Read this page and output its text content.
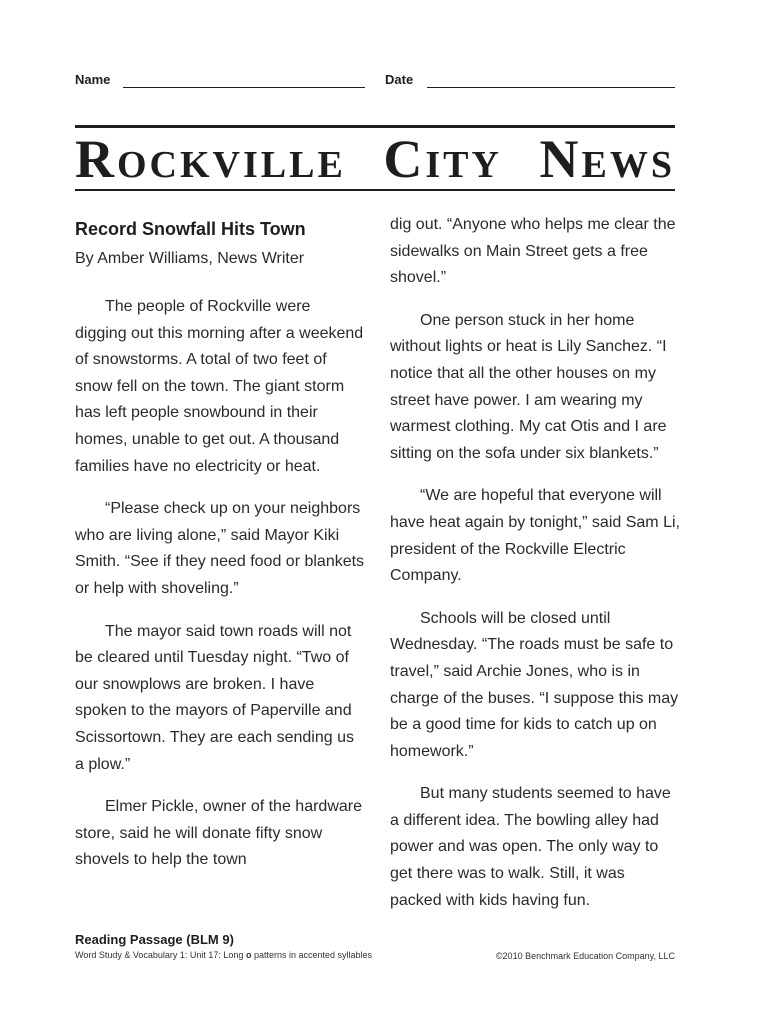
Name	Date
Rockville City News

Record Snowfall Hits Town

By Amber Williams, News Writer

The people of Rockville were digging out this morning after a weekend of snowstorms. A total of two feet of snow fell on the town. The giant storm has left people snowbound in their homes, unable to get out. A thousand families have no electricity or heat.

“Please check up on your neighbors who are living alone,” said Mayor Kiki Smith. “See if they need food or blankets or help with shoveling.”

The mayor said town roads will not be cleared until Tuesday night. “Two of our snowplows are broken. I have spoken to the mayors of Paperville and Scissortown. They are each sending us a plow.”

Elmer Pickle, owner of the hardware store, said he will donate fifty snow shovels to help the town

dig out. “Anyone who helps me clear the sidewalks on Main Street gets a free shovel.”

One person stuck in her home without lights or heat is Lily Sanchez. “I notice that all the other houses on my street have power. I am wearing my warmest clothing. My cat Otis and I are sitting on the sofa under six blankets.”

“We are hopeful that everyone will have heat again by tonight,” said Sam Li, president of the Rockville Electric Company.

Schools will be closed until Wednesday. “The roads must be safe to travel,” said Archie Jones, who is in charge of the buses. “I suppose this may be a good time for kids to catch up on homework.”

But many students seemed to have a different idea. The bowling alley had power and was open. The only way to get there was to walk. Still, it was packed with kids having fun.

Reading Passage (BLM 9)
Word Study & Vocabulary 1: Unit 17: Long o patterns in accented syllables	©2010 Benchmark Education Company, LLC
